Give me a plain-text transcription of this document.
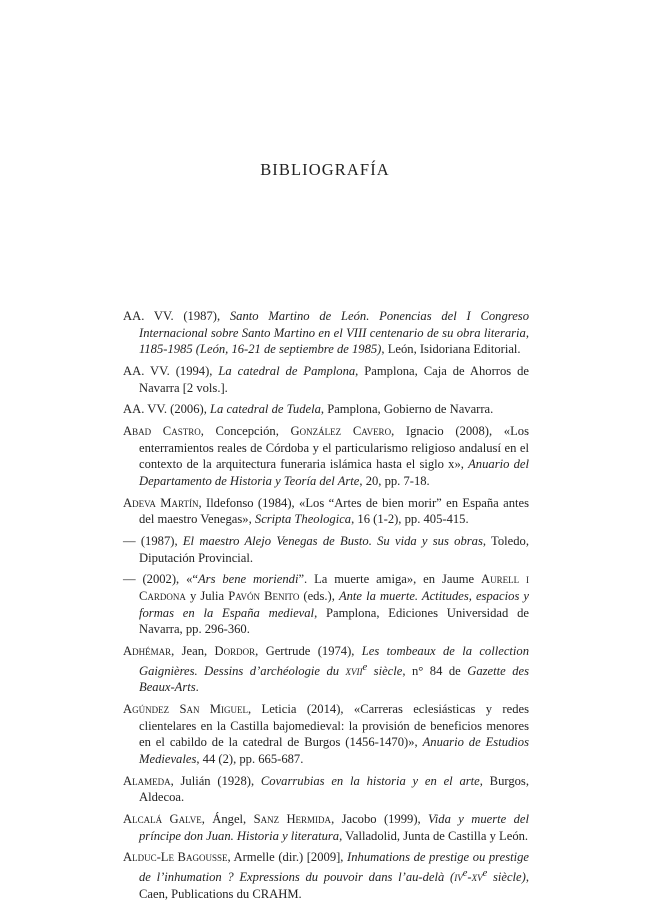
BIBLIOGRAFÍA

AA. VV. (1987), Santo Martino de León. Ponencias del I Congreso Internacional sobre Santo Martino en el VIII centenario de su obra literaria, 1185-1985 (León, 16-21 de septiembre de 1985), León, Isidoriana Editorial.

AA. VV. (1994), La catedral de Pamplona, Pamplona, Caja de Ahorros de Navarra [2 vols.].

AA. VV. (2006), La catedral de Tudela, Pamplona, Gobierno de Navarra.

Abad Castro, Concepción, González Cavero, Ignacio (2008), «Los enterramientos reales de Córdoba y el particularismo religioso andalusí en el contexto de la arquitectura funeraria islámica hasta el siglo x», Anuario del Departamento de Historia y Teoría del Arte, 20, pp. 7-18.

Adeva Martín, Ildefonso (1984), «Los “Artes de bien morir” en España antes del maestro Venegas», Scripta Theologica, 16 (1-2), pp. 405-415.

— (1987), El maestro Alejo Venegas de Busto. Su vida y sus obras, Toledo, Diputación Provincial.

— (2002), «“Ars bene moriendi”. La muerte amiga», en Jaume Aurell i Cardona y Julia Pavón Benito (eds.), Ante la muerte. Actitudes, espacios y formas en la España medieval, Pamplona, Ediciones Universidad de Navarra, pp. 296-360.

Adhémar, Jean, Dordor, Gertrude (1974), Les tombeaux de la collection Gaignières. Dessins d’archéologie du xvii$^e$ siècle, n° 84 de Gazette des Beaux-Arts.

Agúndez San Miguel, Leticia (2014), «Carreras eclesiásticas y redes clientelares en la Castilla bajomedieval: la provisión de beneficios menores en el cabildo de la catedral de Burgos (1456-1470)», Anuario de Estudios Medievales, 44 (2), pp. 665-687.

Alameda, Julián (1928), Covarrubias en la historia y en el arte, Burgos, Aldecoa.

Alcalá Galve, Ángel, Sanz Hermida, Jacobo (1999), Vida y muerte del príncipe don Juan. Historia y literatura, Valladolid, Junta de Castilla y León.

Alduc-Le Bagousse, Armelle (dir.) [2009], Inhumations de prestige ou prestige de l’inhumation ? Expressions du pouvoir dans l’au-delà ($iv^e-xv^e$ siècle), Caen, Publications du CRAHM.
